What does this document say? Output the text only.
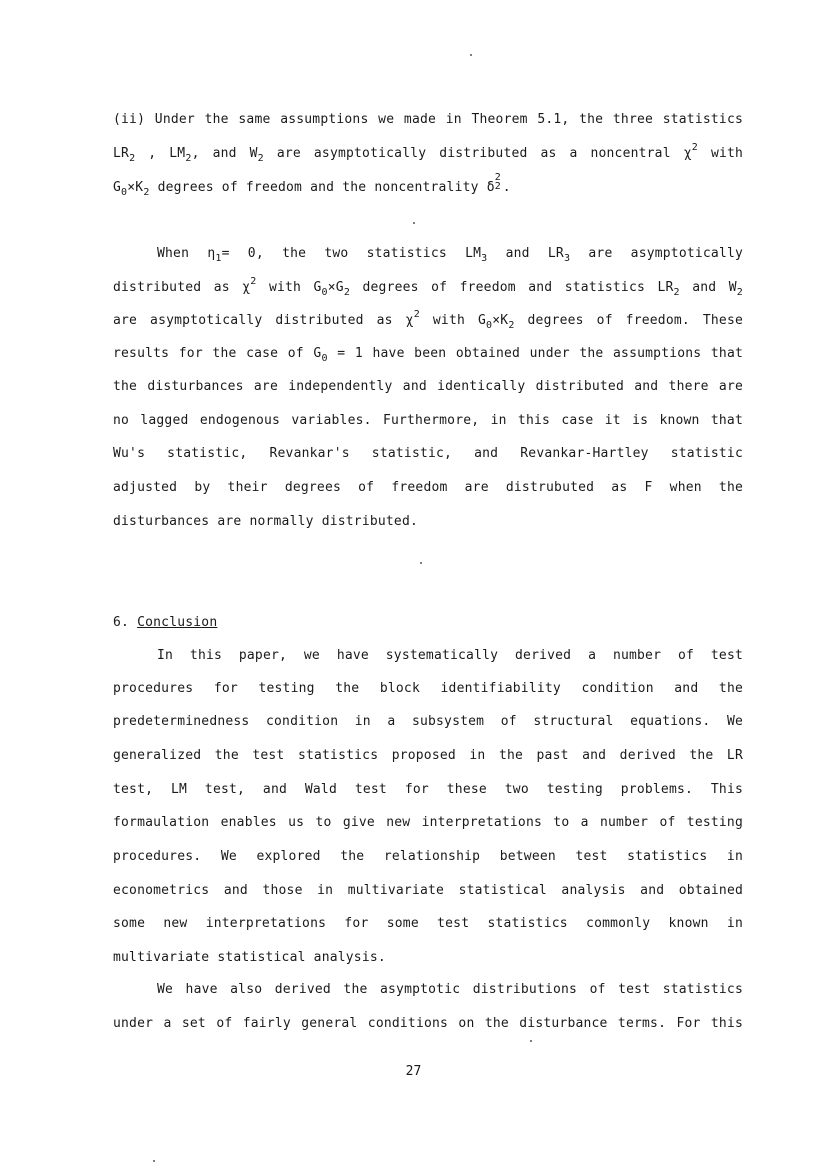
(ii) Under the same assumptions we made in Theorem 5.1, the three statistics
$LR_2$ , $LM_2$, and $W_2$ are asymptotically distributed as a noncentral $\chi^2$ with
$G_0\times K_2$ degrees of freedom and the noncentrality δ
2
2 .
When $\eta_1= 0$, the two statistics $LM_3$ and $LR_3$ are asymptotically
distributed as $\chi^2$ with $G_0\times G_2$ degrees of freedom and statistics $LR_2$ and $W_2$
are asymptotically distributed as $\chi^2$ with $G_0\times K_2$ degrees of freedom. These
results for the case of $G_0 = 1$ have been obtained under the assumptions that
the disturbances are independently and identically distributed and there are
no lagged endogenous variables. Furthermore, in this case it is known that
Wu's statistic, Revankar's statistic, and Revankar-Hartley statistic
adjusted by their degrees of freedom are distrubuted as F when the
disturbances are normally distributed.
6. Conclusion
In this paper, we have systematically derived a number of test
procedures for testing the block identifiability condition and the
predeterminedness condition in a subsystem of structural equations. We
generalized the test statistics proposed in the past and derived the LR
test, LM test, and Wald test for these two testing problems. This
formaulation enables us to give new interpretations to a number of testing
procedures. We explored the relationship between test statistics in
econometrics and those in multivariate statistical analysis and obtained
some new interpretations for some test statistics commonly known in
multivariate statistical analysis.
We have also derived the asymptotic distributions of test statistics
under a set of fairly general conditions on the disturbance terms. For this
27
